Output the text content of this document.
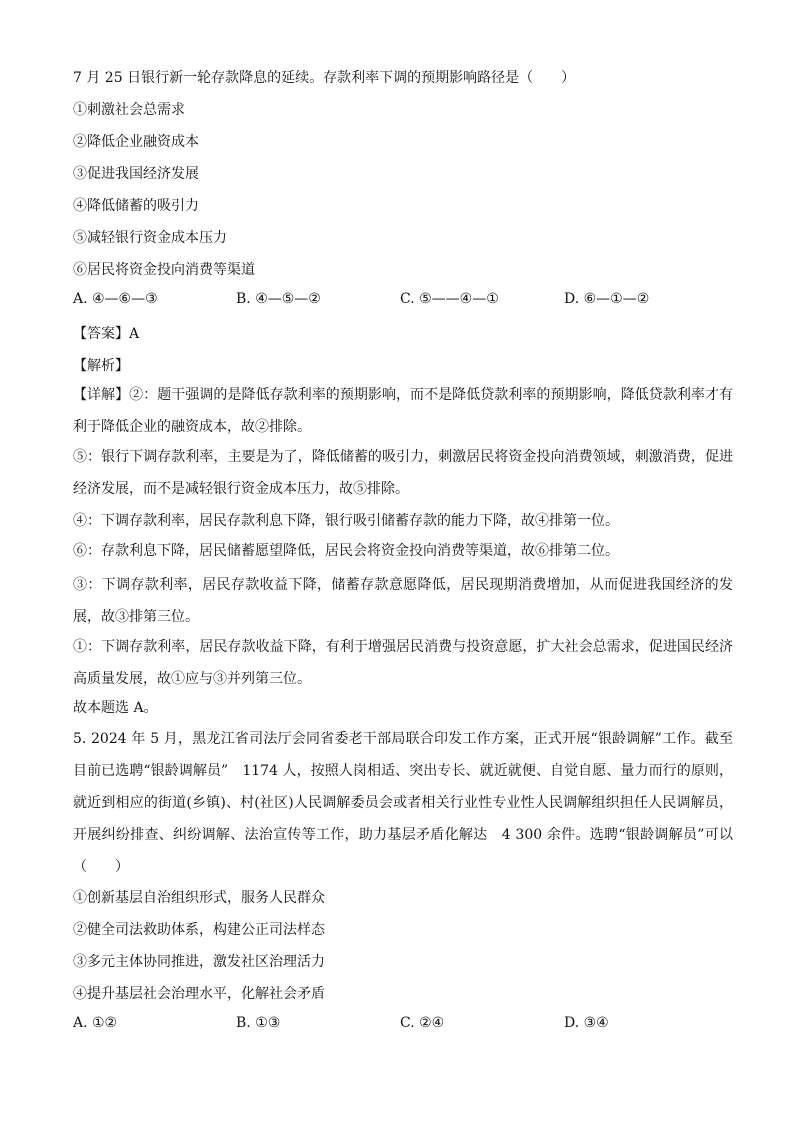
7 月 25 日银行新一轮存款降息的延续。存款利率下调的预期影响路径是（　　）
①刺激社会总需求
②降低企业融资成本
③促进我国经济发展
④降低储蓄的吸引力
⑤减轻银行资金成本压力
⑥居民将资金投向消费等渠道
A. ④—⑥—③	B. ④—⑤—②	C. ⑤——④—①	D. ⑥—①—②
【答案】A
【解析】
【详解】②：题干强调的是降低存款利率的预期影响，而不是降低贷款利率的预期影响，降低贷款利率才有利于降低企业的融资成本，故②排除。
⑤：银行下调存款利率，主要是为了，降低储蓄的吸引力，刺激居民将资金投向消费领域，刺激消费，促进经济发展，而不是减轻银行资金成本压力，故⑤排除。
④：下调存款利率，居民存款利息下降，银行吸引储蓄存款的能力下降，故④排第一位。
⑥：存款利息下降，居民储蓄愿望降低，居民会将资金投向消费等渠道，故⑥排第二位。
③：下调存款利率，居民存款收益下降，储蓄存款意愿降低，居民现期消费增加，从而促进我国经济的发展，故③排第三位。
①：下调存款利率，居民存款收益下降，有利于增强居民消费与投资意愿，扩大社会总需求，促进国民经济高质量发展，故①应与③并列第三位。
故本题选 A。
5. 2024 年 5 月，黑龙江省司法厅会同省委老干部局联合印发工作方案，正式开展“银龄调解”工作。截至目前已选聘“银龄调解员”　1174 人，按照人岗相适、突出专长、就近就便、自觉自愿、量力而行的原则，就近到相应的街道(乡镇)、村(社区)人民调解委员会或者相关行业性专业性人民调解组织担任人民调解员，开展纠纷排查、纠纷调解、法治宣传等工作，助力基层矛盾化解达　4 300 余件。选聘“银龄调解员”可以（　　）
①创新基层自治组织形式，服务人民群众
②健全司法救助体系，构建公正司法样态
③多元主体协同推进，激发社区治理活力
④提升基层社会治理水平，化解社会矛盾
A. ①②	B. ①③	C. ②④	D. ③④
